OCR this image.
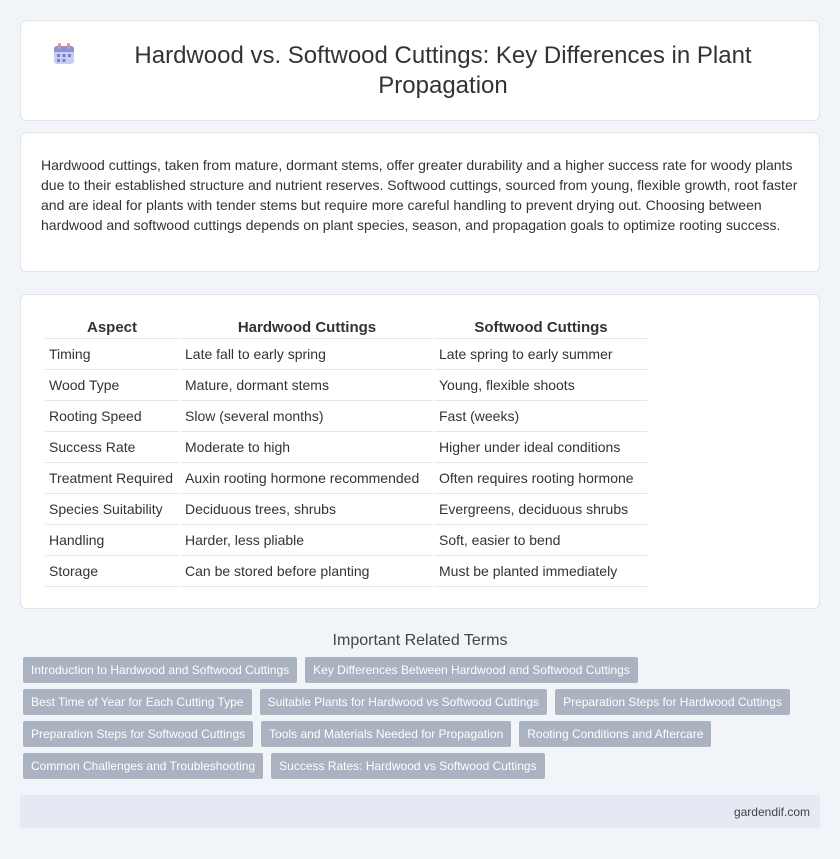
Hardwood vs. Softwood Cuttings: Key Differences in Plant Propagation

Hardwood cuttings, taken from mature, dormant stems, offer greater durability and a higher success rate for woody plants due to their established structure and nutrient reserves. Softwood cuttings, sourced from young, flexible growth, root faster and are ideal for plants with tender stems but require more careful handling to prevent drying out. Choosing between hardwood and softwood cuttings depends on plant species, season, and propagation goals to optimize rooting success.

Aspect	Hardwood Cuttings	Softwood Cuttings
Timing	Late fall to early spring	Late spring to early summer
Wood Type	Mature, dormant stems	Young, flexible shoots
Rooting Speed	Slow (several months)	Fast (weeks)
Success Rate	Moderate to high	Higher under ideal conditions
Treatment Required	Auxin rooting hormone recommended	Often requires rooting hormone
Species Suitability	Deciduous trees, shrubs	Evergreens, deciduous shrubs
Handling	Harder, less pliable	Soft, easier to bend
Storage	Can be stored before planting	Must be planted immediately
Important Related Terms
Introduction to Hardwood and Softwood Cuttings	Key Differences Between Hardwood and Softwood Cuttings
Best Time of Year for Each Cutting Type	Suitable Plants for Hardwood vs Softwood Cuttings	Preparation Steps for Hardwood Cuttings
Preparation Steps for Softwood Cuttings	Tools and Materials Needed for Propagation	Rooting Conditions and Aftercare
Common Challenges and Troubleshooting	Success Rates: Hardwood vs Softwood Cuttings
gardendif.com
